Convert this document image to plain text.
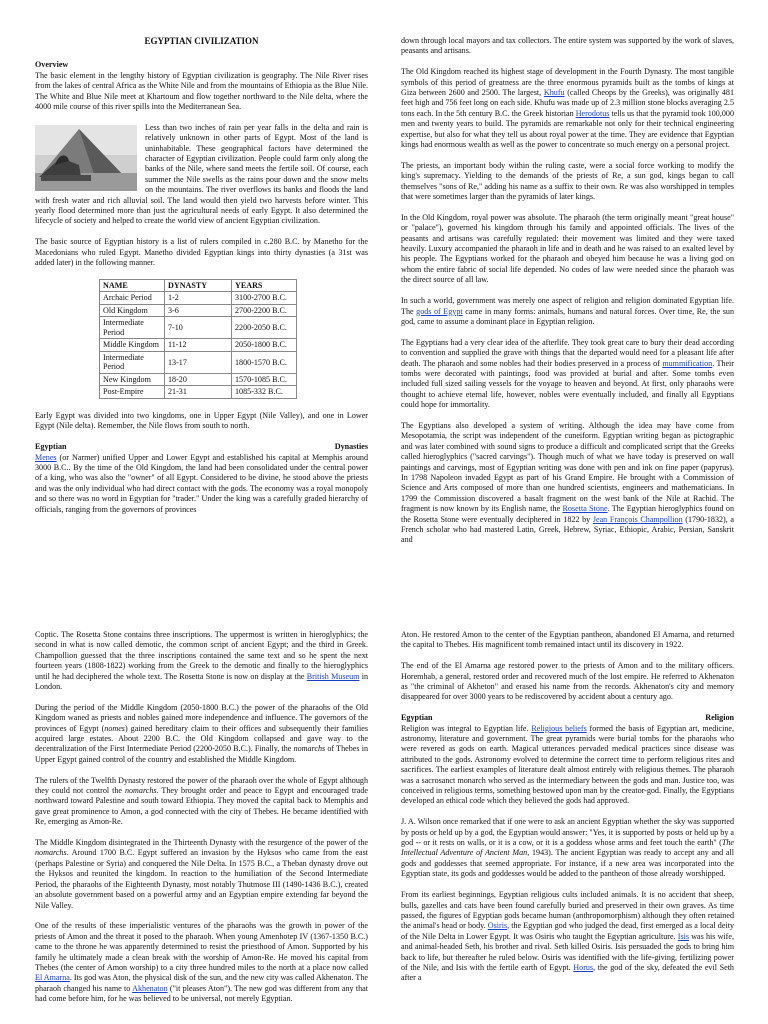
EGYPTIAN CIVILIZATION
Overview

The basic element in the lengthy history of Egyptian civilization is geography. The Nile River rises from the lakes of central Africa as the White Nile and from the mountains of Ethiopia as the Blue Nile. The White and Blue Nile meet at Khartoum and flow together northward to the Nile delta, where the 4000 mile course of this river spills into the Mediterranean Sea.

Less than two inches of rain per year falls in the delta and rain is relatively unknown in other parts of Egypt. Most of the land is uninhabitable. These geographical factors have determined the character of Egyptian civilization. People could farm only along the banks of the Nile, where sand meets the fertile soil. Of course, each summer the Nile swells as the rains pour down and the snow melts on the mountains. The river overflows its banks and floods the land with fresh water and rich alluvial soil. The land would then yield two harvests before winter. This yearly flood determined more than just the agricultural needs of early Egypt. It also determined the lifecycle of society and helped to create the world view of ancient Egyptian civilization.

The basic source of Egyptian history is a list of rulers compiled in c.280 B.C. by Manetho for the Macedonians who ruled Egypt. Manetho divided Egyptian kings into thirty dynasties (a 31st was added later) in the following manner.

NAME	DYNASTY	YEARS
Archaic Period	1-2	3100-2700 B.C.
Old Kingdom	3-6	2700-2200 B.C.
Intermediate Period	7-10	2200-2050 B.C.
Middle Kingdom	11-12	2050-1800 B.C.
Intermediate Period	13-17	1800-1570 B.C.
New Kingdom	18-20	1570-1085 B.C.
Post-Empire	21-31	1085-332 B.C.

Early Egypt was divided into two kingdoms, one in Upper Egypt (Nile Valley), and one in Lower Egypt (Nile delta). Remember, the Nile flows from south to north.

Egyptian	Dynasties

Menes (or Narmer) unified Upper and Lower Egypt and established his capital at Memphis around 3000 B.C.. By the time of the Old Kingdom, the land had been consolidated under the central power of a king, who was also the "owner" of all Egypt. Considered to be divine, he stood above the priests and was the only individual who had direct contact with the gods. The economy was a royal monopoly and so there was no word in Egyptian for "trader." Under the king was a carefully graded hierarchy of officials, ranging from the governors of provinces

down through local mayors and tax collectors. The entire system was supported by the work of slaves, peasants and artisans.

The Old Kingdom reached its highest stage of development in the Fourth Dynasty. The most tangible symbols of this period of greatness are the three enormous pyramids built as the tombs of kings at Giza between 2600 and 2500. The largest, Khufu (called Cheops by the Greeks), was originally 481 feet high and 756 feet long on each side. Khufu was made up of 2.3 million stone blocks averaging 2.5 tons each. In the 5th century B.C. the Greek historian Herodotus tells us that the pyramid took 100,000 men and twenty years to build. The pyramids are remarkable not only for their technical engineering expertise, but also for what they tell us about royal power at the time. They are evidence that Egyptian kings had enormous wealth as well as the power to concentrate so much energy on a personal project.

The priests, an important body within the ruling caste, were a social force working to modify the king's supremacy. Yielding to the demands of the priests of Re, a sun god, kings began to call themselves "sons of Re," adding his name as a suffix to their own. Re was also worshipped in temples that were sometimes larger than the pyramids of later kings.

In the Old Kingdom, royal power was absolute. The pharaoh (the term originally meant "great house" or "palace"), governed his kingdom through his family and appointed officials. The lives of the peasants and artisans was carefully regulated: their movement was limited and they were taxed heavily. Luxury accompanied the pharaoh in life and in death and he was raised to an exalted level by his people. The Egyptians worked for the pharaoh and obeyed him because he was a living god on whom the entire fabric of social life depended. No codes of law were needed since the pharaoh was the direct source of all law.

In such a world, government was merely one aspect of religion and religion dominated Egyptian life. The gods of Egypt came in many forms: animals, humans and natural forces. Over time, Re, the sun god, came to assume a dominant place in Egyptian religion.

The Egyptians had a very clear idea of the afterlife. They took great care to bury their dead according to convention and supplied the grave with things that the departed would need for a pleasant life after death. The pharaoh and some nobles had their bodies preserved in a process of mummification. Their tombs were decorated with paintings, food was provided at burial and after. Some tombs even included full sized sailing vessels for the voyage to heaven and beyond. At first, only pharaohs were thought to achieve eternal life, however, nobles were eventually included, and finally all Egyptians could hope for immortality.

The Egyptians also developed a system of writing. Although the idea may have come from Mesopotamia, the script was independent of the cuneiform. Egyptian writing began as pictographic and was later combined with sound signs to produce a difficult and complicated script that the Greeks called hieroglyphics ("sacred carvings"). Though much of what we have today is preserved on wall paintings and carvings, most of Egyptian writing was done with pen and ink on fine paper (papyrus). In 1798 Napoleon invaded Egypt as part of his Grand Empire. He brought with a Commission of Science and Arts composed of more than one hundred scientists, engineers and mathematicians. In 1799 the Commission discovered a basalt fragment on the west bank of the Nile at Rachid. The fragment is now known by its English name, the Rosetta Stone. The Egyptian hieroglyphics found on the Rosetta Stone were eventually deciphered in 1822 by Jean François Champollion (1790-1832), a French scholar who had mastered Latin, Greek, Hebrew, Syriac, Ethiopic, Arabic, Persian, Sanskrit and

Coptic. The Rosetta Stone contains three inscriptions. The uppermost is written in hieroglyphics; the second in what is now called demotic, the common script of ancient Egypt; and the third in Greek. Champollion guessed that the three inscriptions contained the same text and so he spent the next fourteen years (1808-1822) working from the Greek to the demotic and finally to the hieroglyphics until he had deciphered the whole text. The Rosetta Stone is now on display at the British Museum in London.

During the period of the Middle Kingdom (2050-1800 B.C.) the power of the pharaohs of the Old Kingdom waned as priests and nobles gained more independence and influence. The governors of the provinces of Egypt (nomes) gained hereditary claim to their offices and subsequently their families acquired large estates. About 2200 B.C. the Old Kingdom collapsed and gave way to the decentralization of the First Intermediate Period (2200-2050 B.C.). Finally, the nomarchs of Thebes in Upper Egypt gained control of the country and established the Middle Kingdom.

The rulers of the Twelfth Dynasty restored the power of the pharaoh over the whole of Egypt although they could not control the nomarchs. They brought order and peace to Egypt and encouraged trade northward toward Palestine and south toward Ethiopia. They moved the capital back to Memphis and gave great prominence to Amon, a god connected with the city of Thebes. He became identified with Re, emerging as Amon-Re.

The Middle Kingdom disintegrated in the Thirteenth Dynasty with the resurgence of the power of the nomarchs. Around 1700 B.C. Egypt suffered an invasion by the Hyksos who came from the east (perhaps Palestine or Syria) and conquered the Nile Delta. In 1575 B.C., a Theban dynasty drove out the Hyksos and reunited the kingdom. In reaction to the humiliation of the Second Intermediate Period, the pharaohs of the Eighteenth Dynasty, most notably Thutmose III (1490-1436 B.C.), created an absolute government based on a powerful army and an Egyptian empire extending far beyond the Nile Valley.

One of the results of these imperialistic ventures of the pharaohs was the growth in power of the priests of Amon and the threat it posed to the pharaoh. When young Amenhotep IV (1367-1350 B.C.) came to the throne he was apparently determined to resist the priesthood of Amon. Supported by his family he ultimately made a clean break with the worship of Amon-Re. He moved his capital from Thebes (the center of Amon worship) to a city three hundred miles to the north at a place now called El Amarna. Its god was Aton, the physical disk of the sun, and the new city was called Akhenaton. The pharaoh changed his name to Akhenaton ("it pleases Aton"). The new god was different from any that had come before him, for he was believed to be universal, not merely Egyptian.

Aton. He restored Amon to the center of the Egyptian pantheon, abandoned El Amarna, and returned the capital to Thebes. His magnificent tomb remained intact until its discovery in 1922.

The end of the El Amarna age restored power to the priests of Amon and to the military officers. Horemhab, a general, restored order and recovered much of the lost empire. He referred to Akhenaton as "the criminal of Akheton" and erased his name from the records. Akhenaton's city and memory disappeared for over 3000 years to be rediscovered by accident about a century ago.

Egyptian	Religion

Religion was integral to Egyptian life. Religious beliefs formed the basis of Egyptian art, medicine, astronomy, literature and government. The great pyramids were burial tombs for the pharaohs who were revered as gods on earth. Magical utterances pervaded medical practices since disease was attributed to the gods. Astronomy evolved to determine the correct time to perform religious rites and sacrifices. The earliest examples of literature dealt almost entirely with religious themes. The pharaoh was a sacrosanct monarch who served as the intermediary between the gods and man. Justice too, was conceived in religious terms, something bestowed upon man by the creator-god. Finally, the Egyptians developed an ethical code which they believed the gods had approved.

J. A. Wilson once remarked that if one were to ask an ancient Egyptian whether the sky was supported by posts or held up by a god, the Egyptian would answer: "Yes, it is supported by posts or held up by a god -- or it rests on walls, or it is a cow, or it is a goddess whose arms and feet touch the earth" (The Intellectual Adventure of Ancient Man, 1943). The ancient Egyptian was ready to accept any and all gods and goddesses that seemed appropriate. For instance, if a new area was incorporated into the Egyptian state, its gods and goddesses would be added to the pantheon of those already worshipped.

From its earliest beginnings, Egyptian religious cults included animals. It is no accident that sheep, bulls, gazelles and cats have been found carefully buried and preserved in their own graves. As time passed, the figures of Egyptian gods became human (anthropomorphism) although they often retained the animal's head or body. Osiris, the Egyptian god who judged the dead, first emerged as a local deity of the Nile Delta in Lower Egypt. It was Osiris who taught the Egyptian agriculture. Isis was his wife, and animal-headed Seth, his brother and rival. Seth killed Osiris. Isis persuaded the gods to bring him back to life, but thereafter he ruled below. Osiris was identified with the life-giving, fertilizing power of the Nile, and Isis with the fertile earth of Egypt. Horus, the god of the sky, defeated the evil Seth after a
